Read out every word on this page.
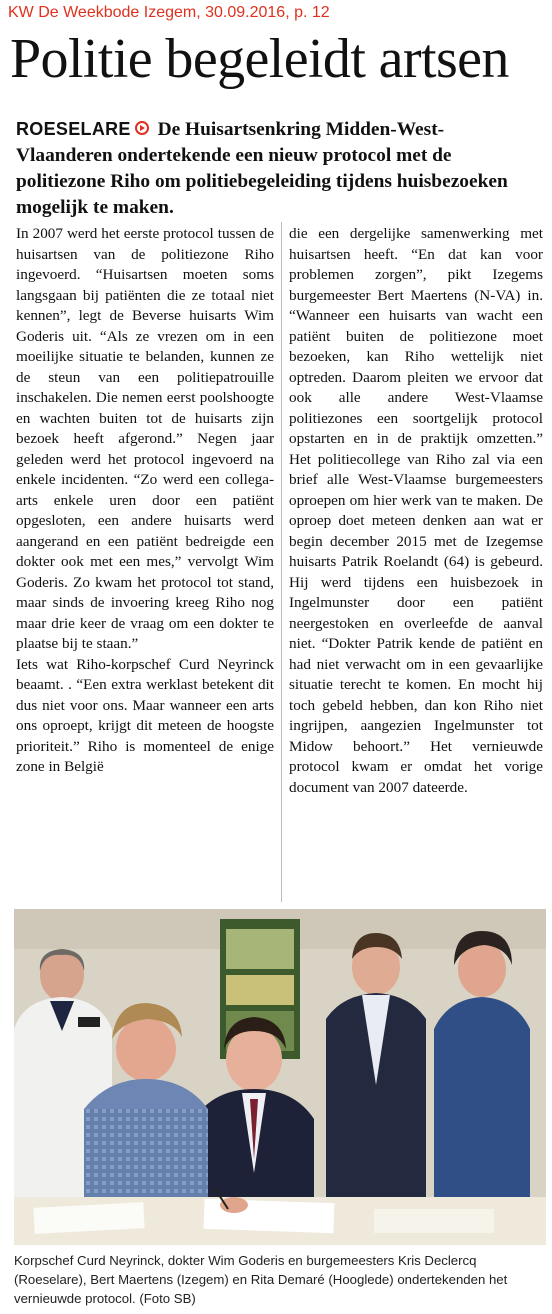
KW De Weekbode Izegem, 30.09.2016, p. 12
Politie begeleidt artsen

ROESELARE De Huisartsenkring Midden-West-Vlaanderen ondertekende een nieuw protocol met de politiezone Riho om politiebegeleiding tijdens huisbezoeken mogelijk te maken.

In 2007 werd het eerste protocol tussen de huisartsen van de politiezone Riho ingevoerd. “Huisartsen moeten soms langsgaan bij patiënten die ze totaal niet kennen”, legt de Beverse huisarts Wim Goderis uit. “Als ze vrezen om in een moeilijke situatie te belanden, kunnen ze de steun van een politiepatrouille inschakelen. Die nemen eerst poolshoogte en wachten buiten tot de huisarts zijn bezoek heeft afgerond.” Negen jaar geleden werd het protocol ingevoerd na enkele incidenten. “Zo werd een collega-arts enkele uren door een patiënt opgesloten, een andere huisarts werd aangerand en een patiënt bedreigde een dokter ook met een mes,” vervolgt Wim Goderis. Zo kwam het protocol tot stand, maar sinds de invoering kreeg Riho nog maar drie keer de vraag om een dokter te plaatse bij te staan.”

Iets wat Riho-korpschef Curd Neyrinck beaamt. . “Een extra werklast betekent dit dus niet voor ons. Maar wanneer een arts ons oproept, krijgt dit meteen de hoogste prioriteit.” Riho is momenteel de enige zone in België

die een dergelijke samenwerking met huisartsen heeft. “En dat kan voor problemen zorgen”, pikt Izegems burgemeester Bert Maertens (N-VA) in. “Wanneer een huisarts van wacht een patiënt buiten de politiezone moet bezoeken, kan Riho wettelijk niet optreden. Daarom pleiten we ervoor dat ook alle andere West-Vlaamse politiezones een soortgelijk protocol opstarten en in de praktijk omzetten.” Het politiecollege van Riho zal via een brief alle West-Vlaamse burgemeesters oproepen om hier werk van te maken. De oproep doet meteen denken aan wat er begin december 2015 met de Izegemse huisarts Patrik Roelandt (64) is gebeurd. Hij werd tijdens een huisbezoek in Ingelmunster door een patiënt neergestoken en overleefde de aanval niet. “Dokter Patrik kende de patiënt en had niet verwacht om in een gevaarlijke situatie terecht te komen. En mocht hij toch gebeld hebben, dan kon Riho niet ingrijpen, aangezien Ingelmunster tot Midow behoort.” Het vernieuwde protocol kwam er omdat het vorige document van 2007 dateerde.

Korpschef Curd Neyrinck, dokter Wim Goderis en burgemeesters Kris Declercq (Roeselare), Bert Maertens (Izegem) en Rita Demaré (Hooglede) ondertekenden het vernieuwde protocol. (Foto SB)
